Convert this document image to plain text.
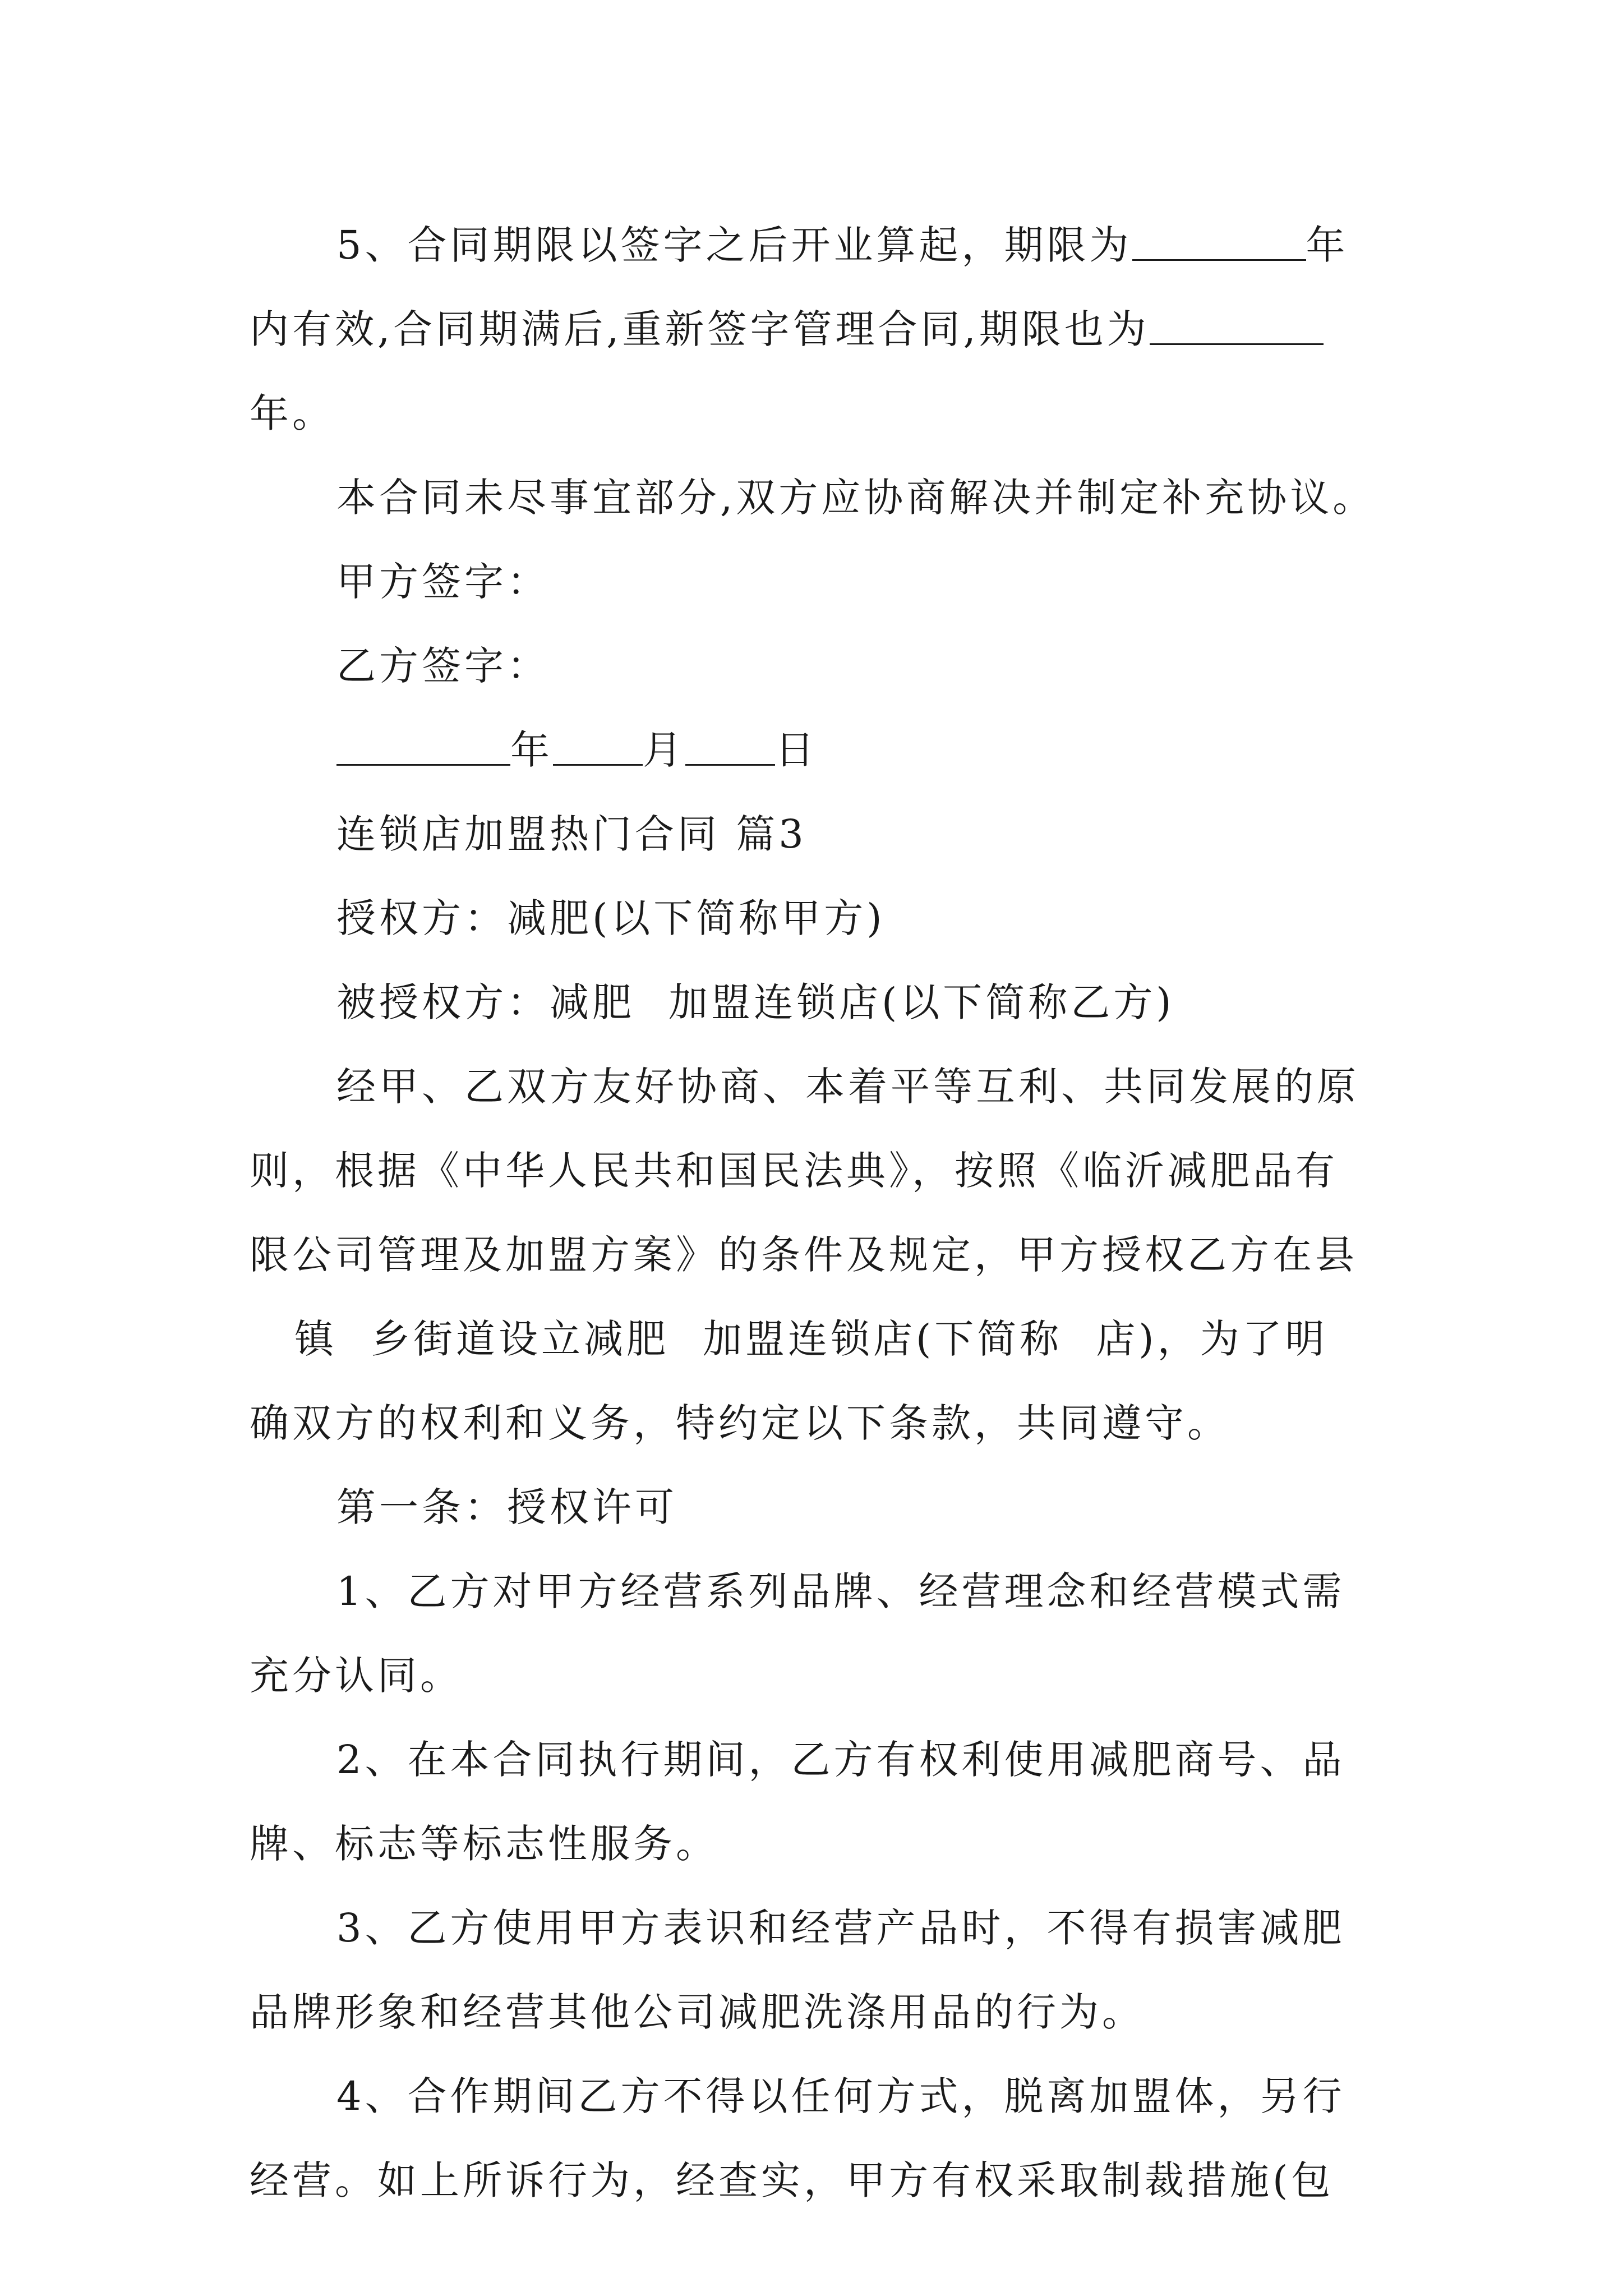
5、合同期限以签字之后开业算起，期限为	年
内有效,合同期满后,重新签字管理合同,期限也为
年。
本合同未尽事宜部分,双方应协商解决并制定补充协议。
甲方签字：
乙方签字：
年 月 日
连锁店加盟热门合同 篇3
授权方：减肥(以下简称甲方)
被授权方：减肥 加盟连锁店(以下简称乙方)
经甲、乙双方友好协商、本着平等互利、共同发展的原
则，根据《中华人民共和国民法典》，按照《临沂减肥品有
限公司管理及加盟方案》的条件及规定，甲方授权乙方在县
镇 乡街道设立减肥 加盟连锁店(下简称 店)，为了明
确双方的权利和义务，特约定以下条款，共同遵守。
第一条：授权许可
1、乙方对甲方经营系列品牌、经营理念和经营模式需
充分认同。
2、在本合同执行期间，乙方有权利使用减肥商号、品
牌、标志等标志性服务。
3、乙方使用甲方表识和经营产品时，不得有损害减肥
品牌形象和经营其他公司减肥洗涤用品的行为。
4、合作期间乙方不得以任何方式，脱离加盟体，另行
经营。如上所诉行为，经查实，甲方有权采取制裁措施(包
